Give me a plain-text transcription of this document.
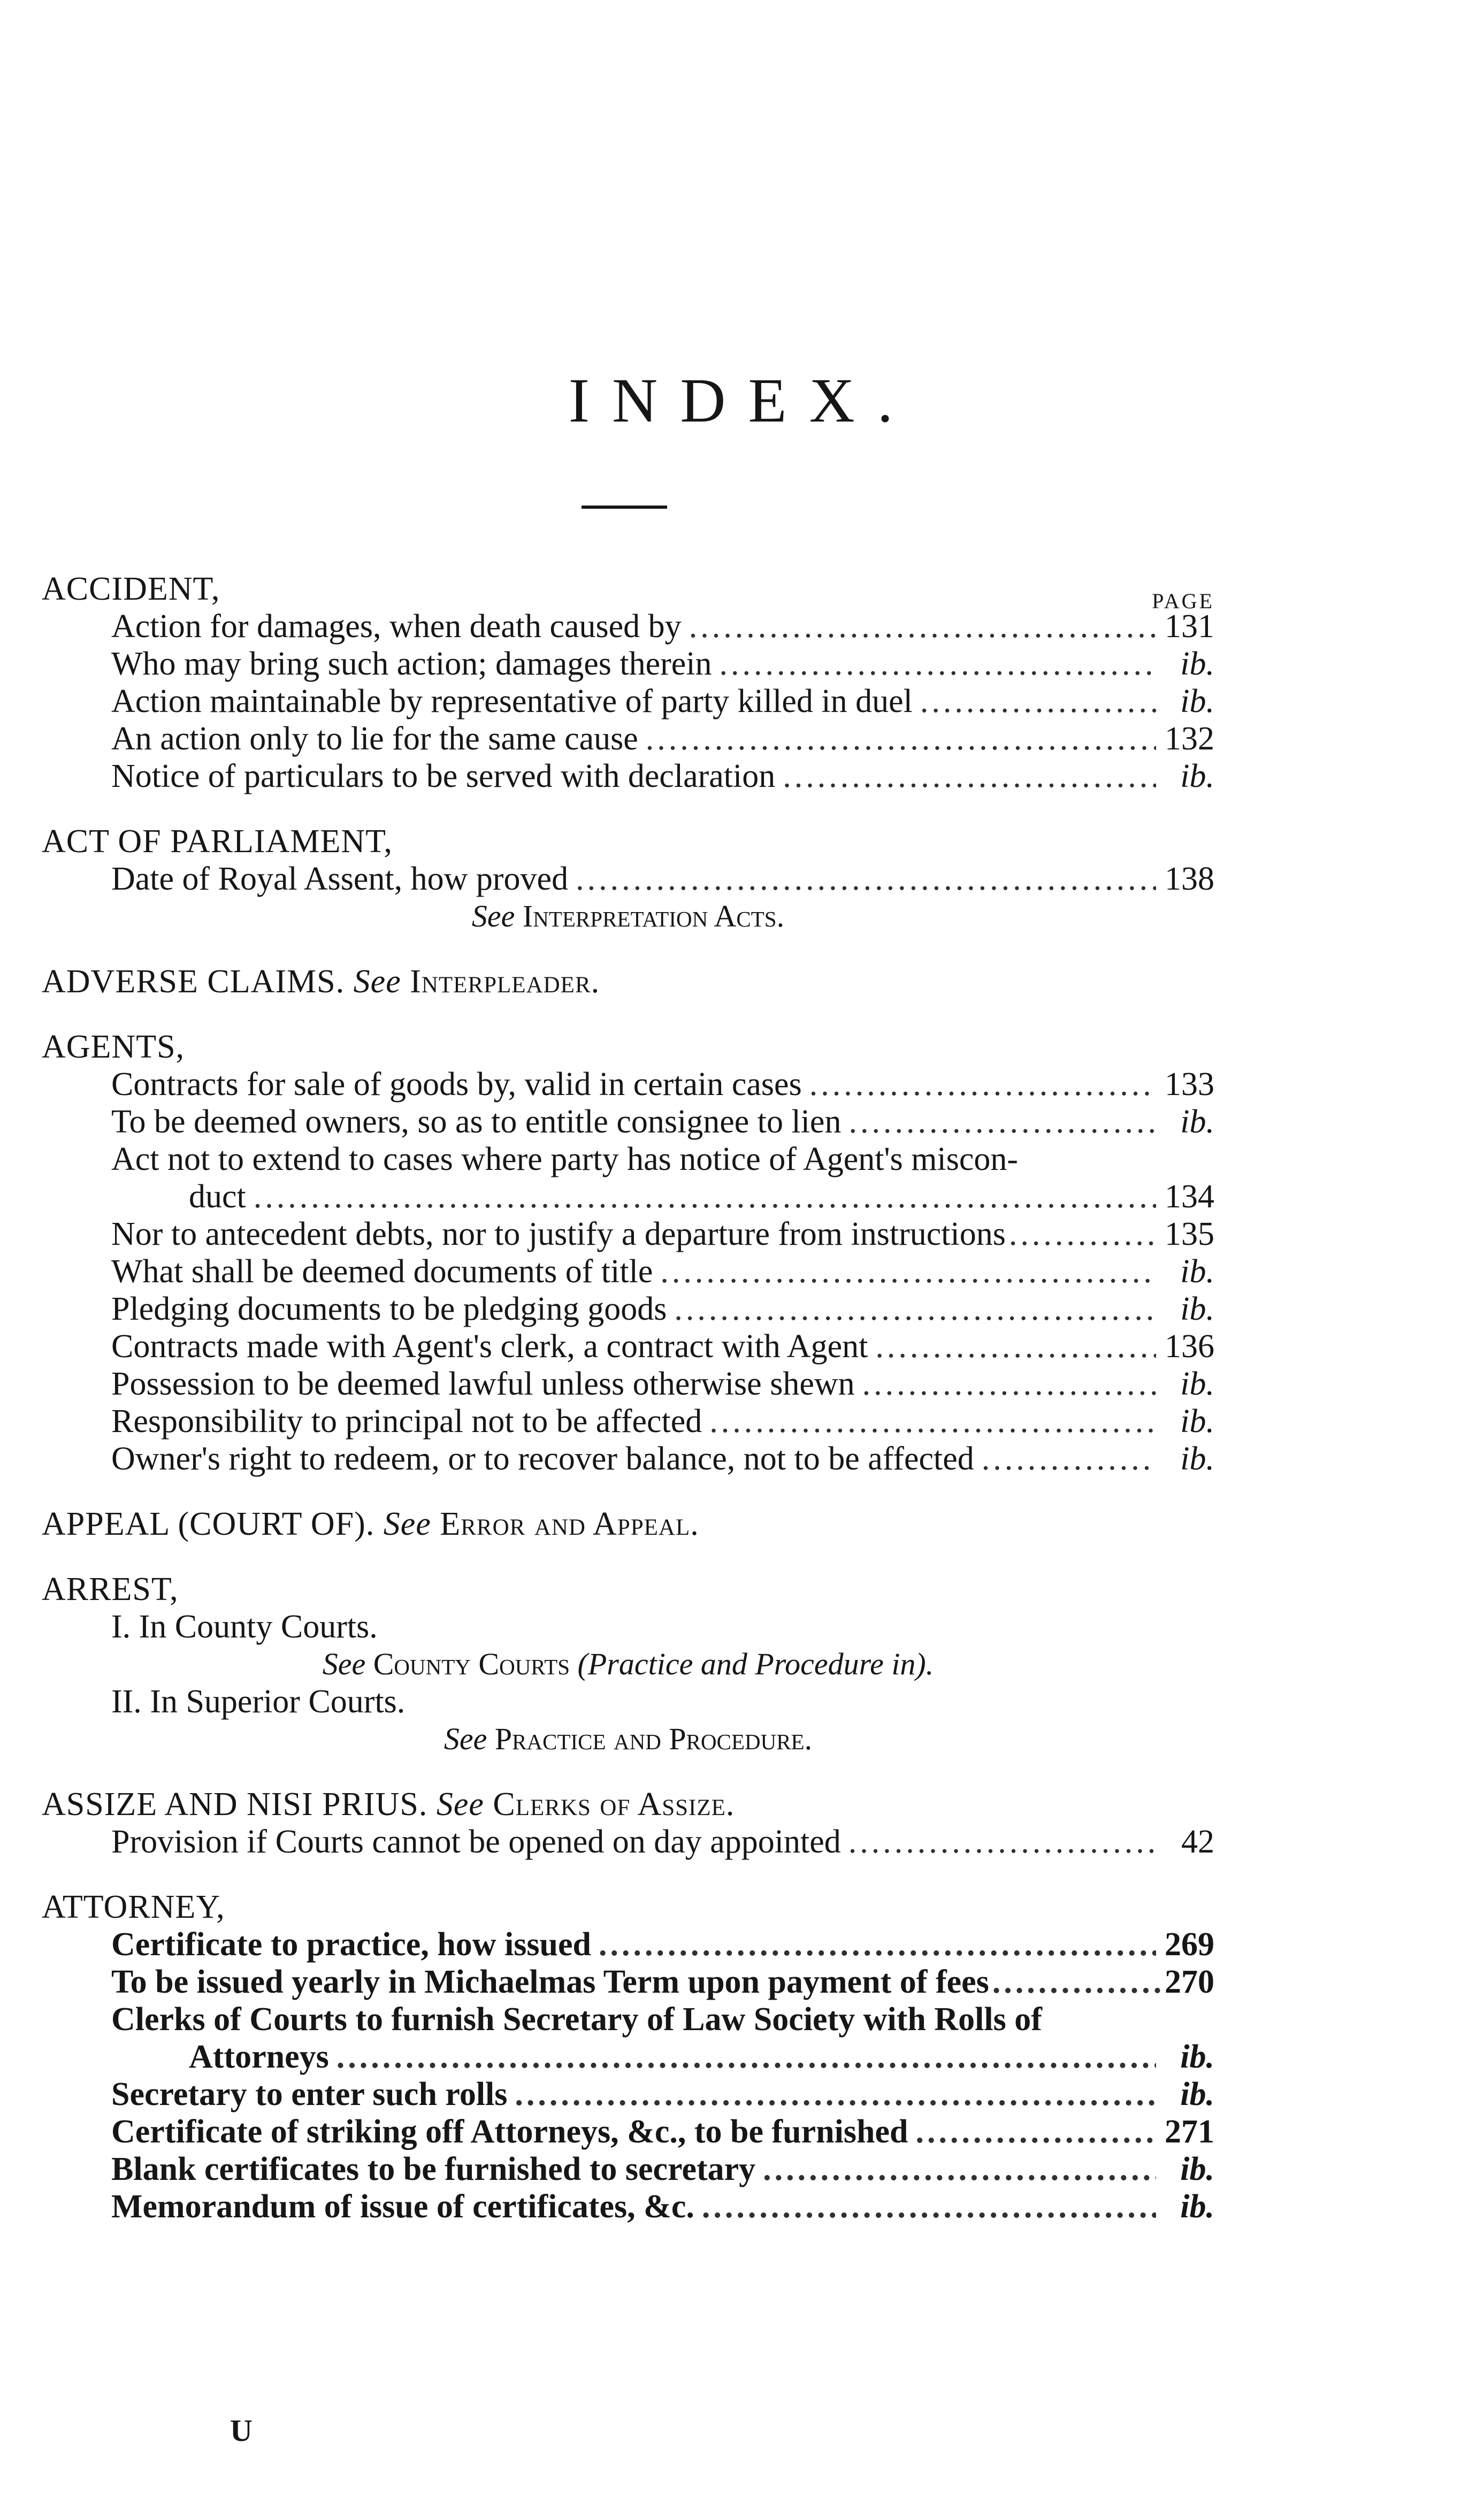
INDEX.
PAGE
ACCIDENT,
Action for damages, when death caused by .....	131
Who may bring such action; damages therein .....	ib.
Action maintainable by representative of party killed in duel .....	ib.
An action only to lie for the same cause .....	132
Notice of particulars to be served with declaration .....	ib.
ACT OF PARLIAMENT,
Date of Royal Assent, how proved .....	138
See Interpretation Acts.
ADVERSE CLAIMS. See Interpleader.
AGENTS,
Contracts for sale of goods by, valid in certain cases .....	133
To be deemed owners, so as to entitle consignee to lien .....	ib.
Act not to extend to cases where party has notice of Agent's miscon-
duct .....	134
Nor to antecedent debts, nor to justify a departure from instructions .....	135
What shall be deemed documents of title .....	ib.
Pledging documents to be pledging goods .....	ib.
Contracts made with Agent's clerk, a contract with Agent .....	136
Possession to be deemed lawful unless otherwise shewn .....	ib.
Responsibility to principal not to be affected .....	ib.
Owner's right to redeem, or to recover balance, not to be affected .....	ib.
APPEAL (COURT OF). See Error and Appeal.
ARREST,
I. In County Courts.
See County Courts (Practice and Procedure in).
II. In Superior Courts.
See Practice and Procedure.
ASSIZE AND NISI PRIUS. See Clerks of Assize.
Provision if Courts cannot be opened on day appointed .....	42
ATTORNEY,
Certificate to practice, how issued .....	269
To be issued yearly in Michaelmas Term upon payment of fees .....	270
Clerks of Courts to furnish Secretary of Law Society with Rolls of
Attorneys .....	ib.
Secretary to enter such rolls .....	ib.
Certificate of striking off Attorneys, &c., to be furnished .....	271
Blank certificates to be furnished to secretary .....	ib.
Memorandum of issue of certificates, &c. .....	ib.
U
